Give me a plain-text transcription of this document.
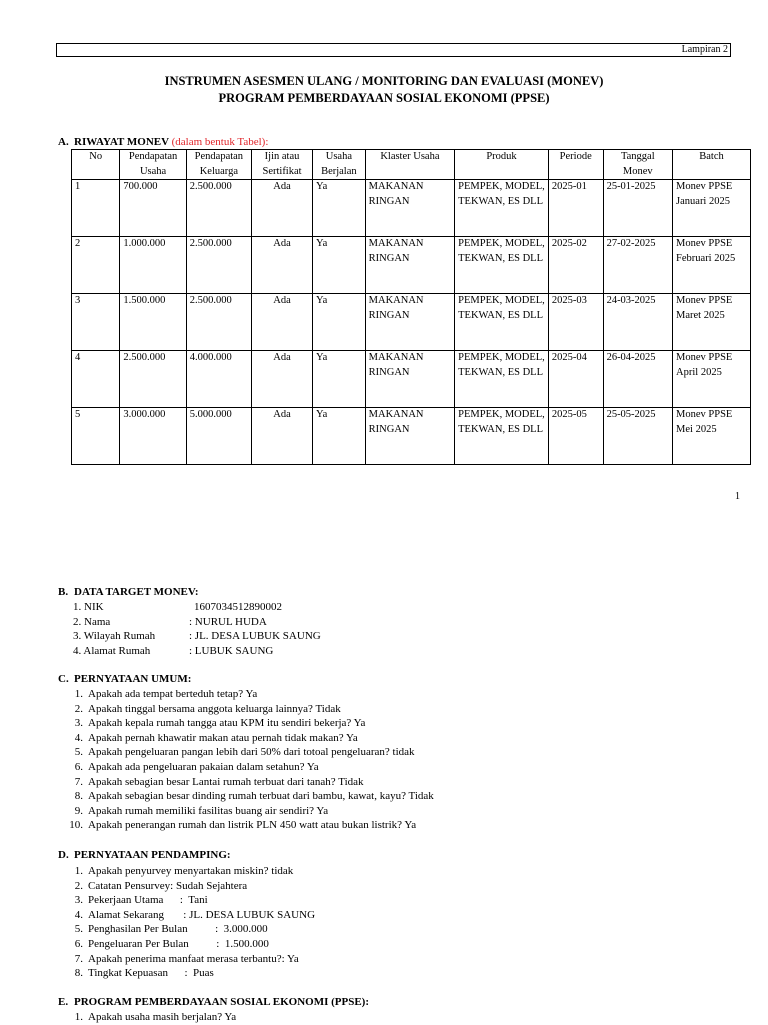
Lampiran 2
INSTRUMEN ASESMEN ULANG / MONITORING DAN EVALUASI (MONEV)
PROGRAM PEMBERDAYAAN SOSIAL EKONOMI (PPSE)
A. RIWAYAT MONEV (dalam bentuk Tabel):
No	Pendapatan Usaha	Pendapatan Keluarga	Ijin atau Sertifikat	Usaha Berjalan	Klaster Usaha	Produk	Periode	Tanggal Monev	Batch
1	700.000	2.500.000	Ada	Ya	MAKANAN RINGAN	PEMPEK, MODEL, TEKWAN, ES DLL	2025-01	25-01-2025	Monev PPSE Januari 2025
2	1.000.000	2.500.000	Ada	Ya	MAKANAN RINGAN	PEMPEK, MODEL, TEKWAN, ES DLL	2025-02	27-02-2025	Monev PPSE Februari 2025
3	1.500.000	2.500.000	Ada	Ya	MAKANAN RINGAN	PEMPEK, MODEL, TEKWAN, ES DLL	2025-03	24-03-2025	Monev PPSE Maret 2025
4	2.500.000	4.000.000	Ada	Ya	MAKANAN RINGAN	PEMPEK, MODEL, TEKWAN, ES DLL	2025-04	26-04-2025	Monev PPSE April 2025
5	3.000.000	5.000.000	Ada	Ya	MAKANAN RINGAN	PEMPEK, MODEL, TEKWAN, ES DLL	2025-05	25-05-2025	Monev PPSE Mei 2025
1
B. DATA TARGET MONEV:
1. NIK	1607034512890002
2. Nama	: NURUL HUDA
3. Wilayah Rumah	: JL. DESA LUBUK SAUNG
4. Alamat Rumah	: LUBUK SAUNG
C. PERNYATAAN UMUM:
1. Apakah ada tempat berteduh tetap? Ya
2. Apakah tinggal bersama anggota keluarga lainnya? Tidak
3. Apakah kepala rumah tangga atau KPM itu sendiri bekerja? Ya
4. Apakah pernah khawatir makan atau pernah tidak makan? Ya
5. Apakah pengeluaran pangan lebih dari 50% dari totoal pengeluaran? tidak
6. Apakah ada pengeluaran pakaian dalam setahun? Ya
7. Apakah sebagian besar Lantai rumah terbuat dari tanah? Tidak
8. Apakah sebagian besar dinding rumah terbuat dari bambu, kawat, kayu? Tidak
9. Apakah rumah memiliki fasilitas buang air sendiri? Ya
10. Apakah penerangan rumah dan listrik PLN 450 watt atau bukan listrik? Ya
D. PERNYATAAN PENDAMPING:
1. Apakah penyurvey menyartakan miskin? tidak
2. Catatan Pensurvey: Sudah Sejahtera
3. Pekerjaan Utama      :  Tani
4. Alamat Sekarang       : JL. DESA LUBUK SAUNG
5. Penghasilan Per Bulan          :  3.000.000
6. Pengeluaran Per Bulan          :  1.500.000
7. Apakah penerima manfaat merasa terbantu?: Ya
8. Tingkat Kepuasan      :  Puas
E. PROGRAM PEMBERDAYAAN SOSIAL EKONOMI (PPSE):
1. Apakah usaha masih berjalan? Ya
